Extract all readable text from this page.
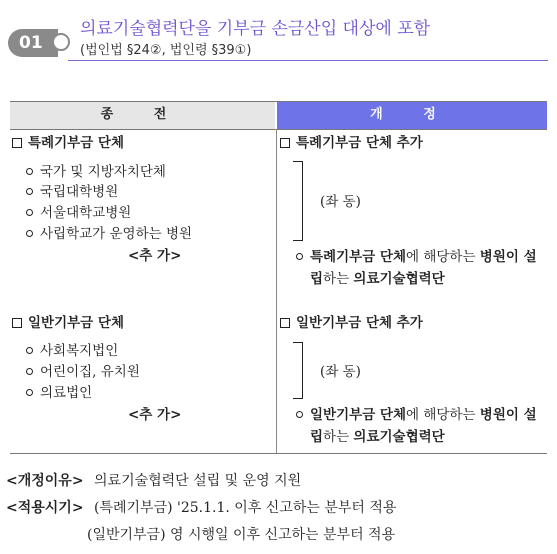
01
의료기술협력단을 기부금 손금산입 대상에 포함
(법인법 §24②, 법인령 §39①)
종 전	개 정
특례기부금 단체
국가 및 지방자치단체
국립대학병원
서울대학교병원
사립학교가 운영하는 병원
<추 가>
일반기부금 단체
사회복지법인
어린이집, 유치원
의료법인
<추 가>
특례기부금 단체 추가
(좌 동)
특례기부금 단체에 해당하는 병원이 설
립하는 의료기술협력단
일반기부금 단체 추가
(좌 동)
일반기부금 단체에 해당하는 병원이 설
립하는 의료기술협력단
<개정이유> 의료기술협력단 설립 및 운영 지원
<적용시기> (특례기부금) '25.1.1. 이후 신고하는 분부터 적용
(일반기부금) 영 시행일 이후 신고하는 분부터 적용
